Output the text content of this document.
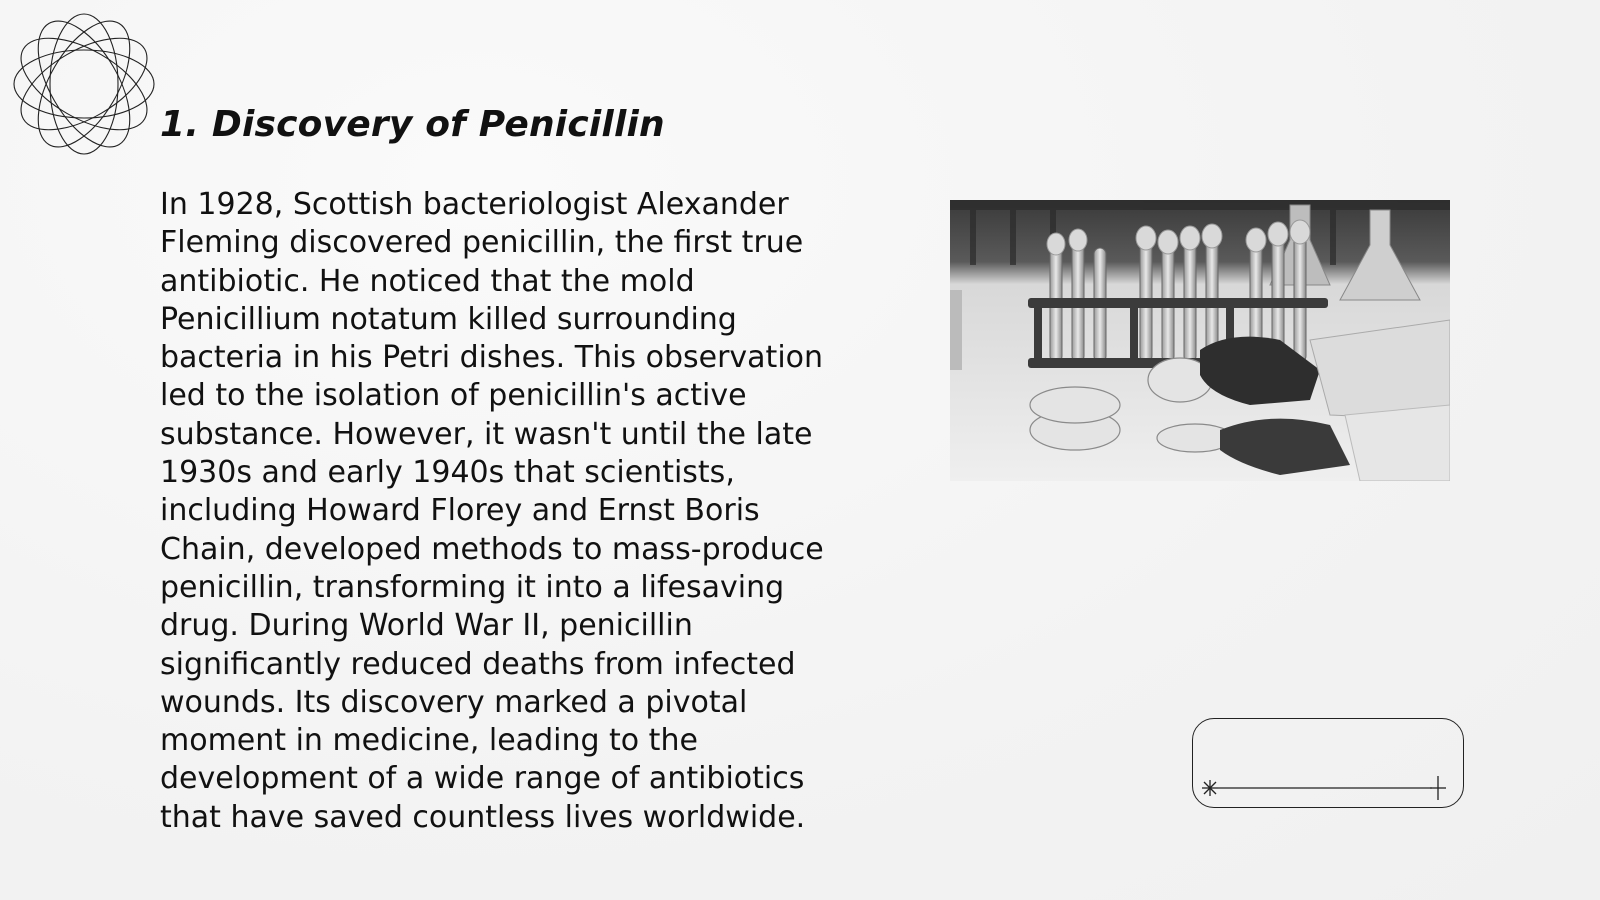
1. Discovery of Penicillin
In 1928, Scottish bacteriologist Alexander
Fleming discovered penicillin, the first true
antibiotic. He noticed that the mold
Penicillium notatum killed surrounding
bacteria in his Petri dishes. This observation
led to the isolation of penicillin's active
substance. However, it wasn't until the late
1930s and early 1940s that scientists,
including Howard Florey and Ernst Boris
Chain, developed methods to mass-produce
penicillin, transforming it into a lifesaving
drug. During World War II, penicillin
significantly reduced deaths from infected
wounds. Its discovery marked a pivotal
moment in medicine, leading to the
development of a wide range of antibiotics
that have saved countless lives worldwide.
